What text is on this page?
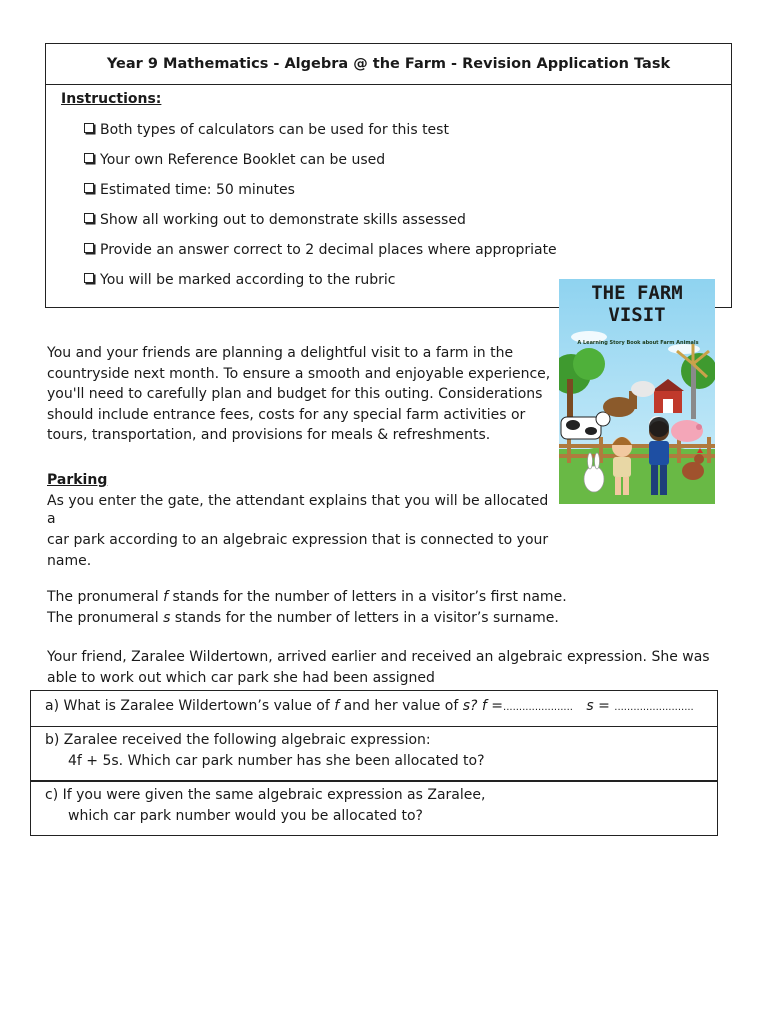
Year 9 Mathematics - Algebra @ the Farm - Revision Application Task
Instructions:
Both types of calculators can be used for this test
Your own Reference Booklet can be used
Estimated time: 50 minutes
Show all working out to demonstrate skills assessed
Provide an answer correct to 2 decimal places where appropriate
You will be marked according to the rubric
THE FARM VISIT
A Learning Story Book about Farm Animals
You and your friends are planning a delightful visit to a farm in the
countryside next month. To ensure a smooth and enjoyable experience,
you'll need to carefully plan and budget for this outing. Considerations
should include entrance fees, costs for any special farm activities or
tours, transportation, and provisions for meals & refreshments.
Parking
As you enter the gate, the attendant explains that you will be allocated
a
car park according to an algebraic expression that is connected to your
name.
The pronumeral f stands for the number of letters in a visitor’s first name.
The pronumeral s stands for the number of letters in a visitor’s surname.
Your friend, Zaralee Wildertown, arrived earlier and received an algebraic expression. She was
able to work out which car park she had been assigned
a) What is Zaralee Wildertown’s value of f and her value of s? f =...................... s = .........................
b) Zaralee received the following algebraic expression:
4f + 5s. Which car park number has she been allocated to?
c) If you were given the same algebraic expression as Zaralee,
which car park number would you be allocated to?
